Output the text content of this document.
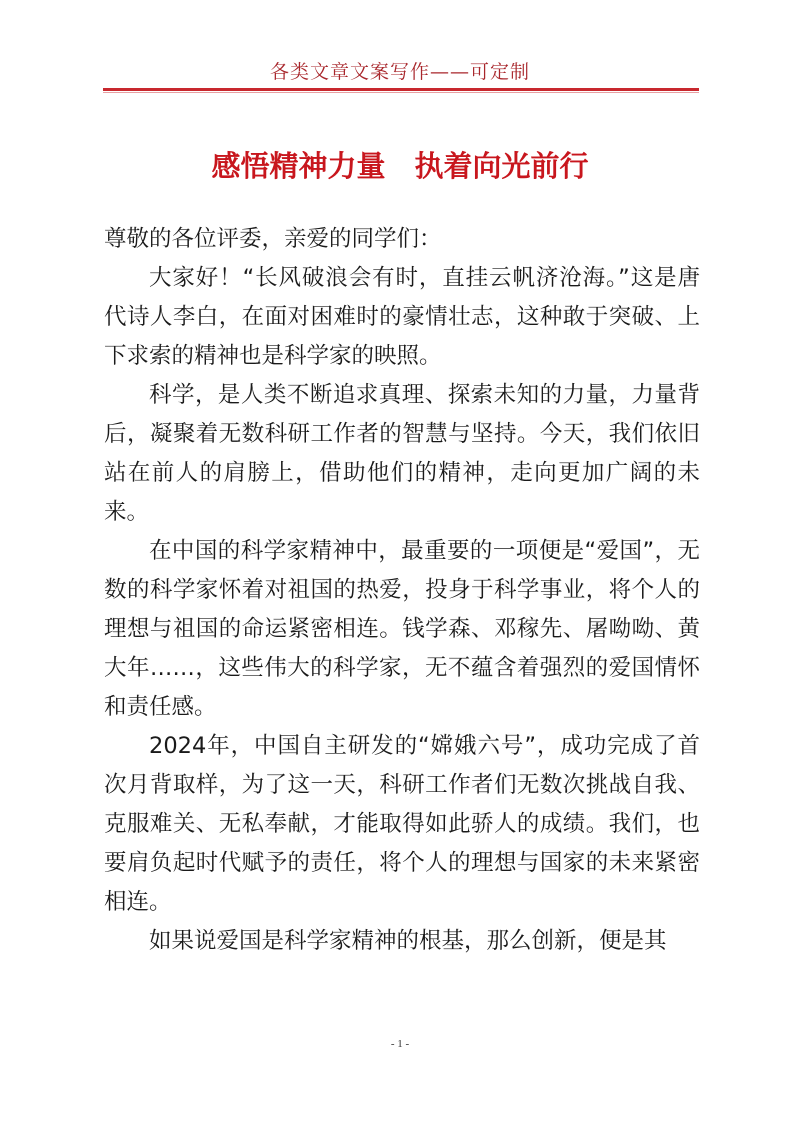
各类文章文案写作——可定制
感悟精神力量　执着向光前行

尊敬的各位评委，亲爱的同学们：

大家好！“长风破浪会有时，直挂云帆济沧海。”这是唐代诗人李白，在面对困难时的豪情壮志，这种敢于突破、上下求索的精神也是科学家的映照。

科学，是人类不断追求真理、探索未知的力量，力量背后，凝聚着无数科研工作者的智慧与坚持。今天，我们依旧站在前人的肩膀上，借助他们的精神，走向更加广阔的未来。

在中国的科学家精神中，最重要的一项便是“爱国”，无数的科学家怀着对祖国的热爱，投身于科学事业，将个人的理想与祖国的命运紧密相连。钱学森、邓稼先、屠呦呦、黄大年……，这些伟大的科学家，无不蕴含着强烈的爱国情怀和责任感。

2024年，中国自主研发的“嫦娥六号”，成功完成了首次月背取样，为了这一天，科研工作者们无数次挑战自我、克服难关、无私奉献，才能取得如此骄人的成绩。我们，也要肩负起时代赋予的责任，将个人的理想与国家的未来紧密相连。

如果说爱国是科学家精神的根基，那么创新，便是其

- 1 -
